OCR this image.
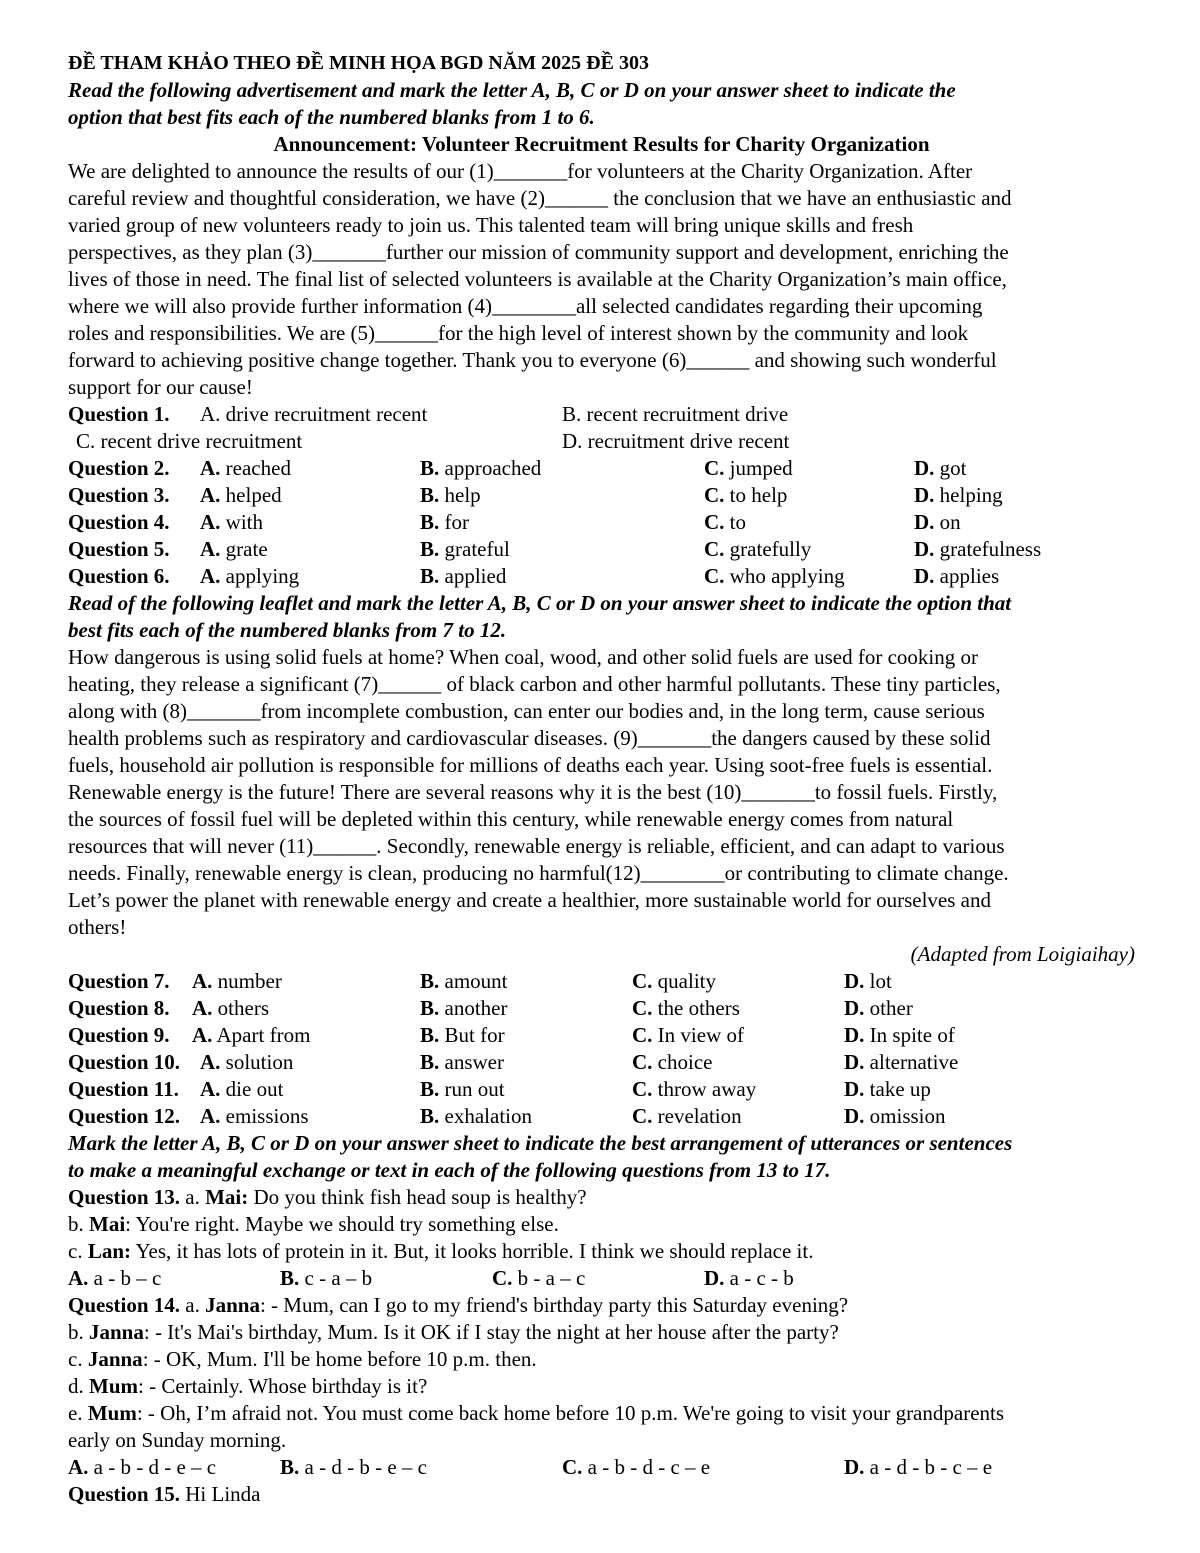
ĐỀ THAM KHẢO THEO ĐỀ MINH HỌA BGD NĂM 2025 ĐỀ 303
Read the following advertisement and mark the letter A, B, C or D on your answer sheet to indicate the
option that best fits each of the numbered blanks from 1 to 6.
Announcement: Volunteer Recruitment Results for Charity Organization
We are delighted to announce the results of our (1)_______for volunteers at the Charity Organization. After
careful review and thoughtful consideration, we have (2)______ the conclusion that we have an enthusiastic and
varied group of new volunteers ready to join us. This talented team will bring unique skills and fresh
perspectives, as they plan (3)_______further our mission of community support and development, enriching the
lives of those in need. The final list of selected volunteers is available at the Charity Organization’s main office,
where we will also provide further information (4)________all selected candidates regarding their upcoming
roles and responsibilities. We are (5)______for the high level of interest shown by the community and look
forward to achieving positive change together. Thank you to everyone (6)______ and showing such wonderful
support for our cause!
Question 1. A. drive recruitment recent	B. recent recruitment drive
C. recent drive recruitment	D. recruitment drive recent
Question 2. A. reached	B. approached	C. jumped	D. got
Question 3. A. helped	B. help	C. to help	D. helping
Question 4. A. with	B. for	C. to	D. on
Question 5. A. grate	B. grateful	C. gratefully	D. gratefulness
Question 6. A. applying	B. applied	C. who applying	D. applies
Read of the following leaflet and mark the letter A, B, C or D on your answer sheet to indicate the option that
best fits each of the numbered blanks from 7 to 12.
How dangerous is using solid fuels at home? When coal, wood, and other solid fuels are used for cooking or
heating, they release a significant (7)______ of black carbon and other harmful pollutants. These tiny particles,
along with (8)_______from incomplete combustion, can enter our bodies and, in the long term, cause serious
health problems such as respiratory and cardiovascular diseases. (9)_______the dangers caused by these solid
fuels, household air pollution is responsible for millions of deaths each year. Using soot-free fuels is essential.
Renewable energy is the future! There are several reasons why it is the best (10)_______to fossil fuels. Firstly,
the sources of fossil fuel will be depleted within this century, while renewable energy comes from natural
resources that will never (11)______. Secondly, renewable energy is reliable, efficient, and can adapt to various
needs. Finally, renewable energy is clean, producing no harmful(12)________or contributing to climate change.
Let’s power the planet with renewable energy and create a healthier, more sustainable world for ourselves and
others!
(Adapted from Loigiaihay)
Question 7. A. number	B. amount	C. quality	D. lot
Question 8. A. others	B. another	C. the others	D. other
Question 9. A. Apart from	B. But for	C. In view of	D. In spite of
Question 10. A. solution	B. answer	C. choice	D. alternative
Question 11. A. die out	B. run out	C. throw away	D. take up
Question 12. A. emissions	B. exhalation	C. revelation	D. omission
Mark the letter A, B, C or D on your answer sheet to indicate the best arrangement of utterances or sentences
to make a meaningful exchange or text in each of the following questions from 13 to 17.
Question 13. a. Mai: Do you think fish head soup is healthy?
b. Mai: You're right. Maybe we should try something else.
c. Lan: Yes, it has lots of protein in it. But, it looks horrible. I think we should replace it.
A. a - b – c	B. c - a – b	C. b - a – c	D. a - c - b
Question 14. a. Janna: - Mum, can I go to my friend's birthday party this Saturday evening?
b. Janna: - It's Mai's birthday, Mum. Is it OK if I stay the night at her house after the party?
c. Janna: - OK, Mum. I'll be home before 10 p.m. then.
d. Mum: - Certainly. Whose birthday is it?
e. Mum: - Oh, I’m afraid not. You must come back home before 10 p.m. We're going to visit your grandparents
early on Sunday morning.
A. a - b - d - e – c	B. a - d - b - e – c	C. a - b - d - c – e	D. a - d - b - c – e
Question 15. Hi Linda
